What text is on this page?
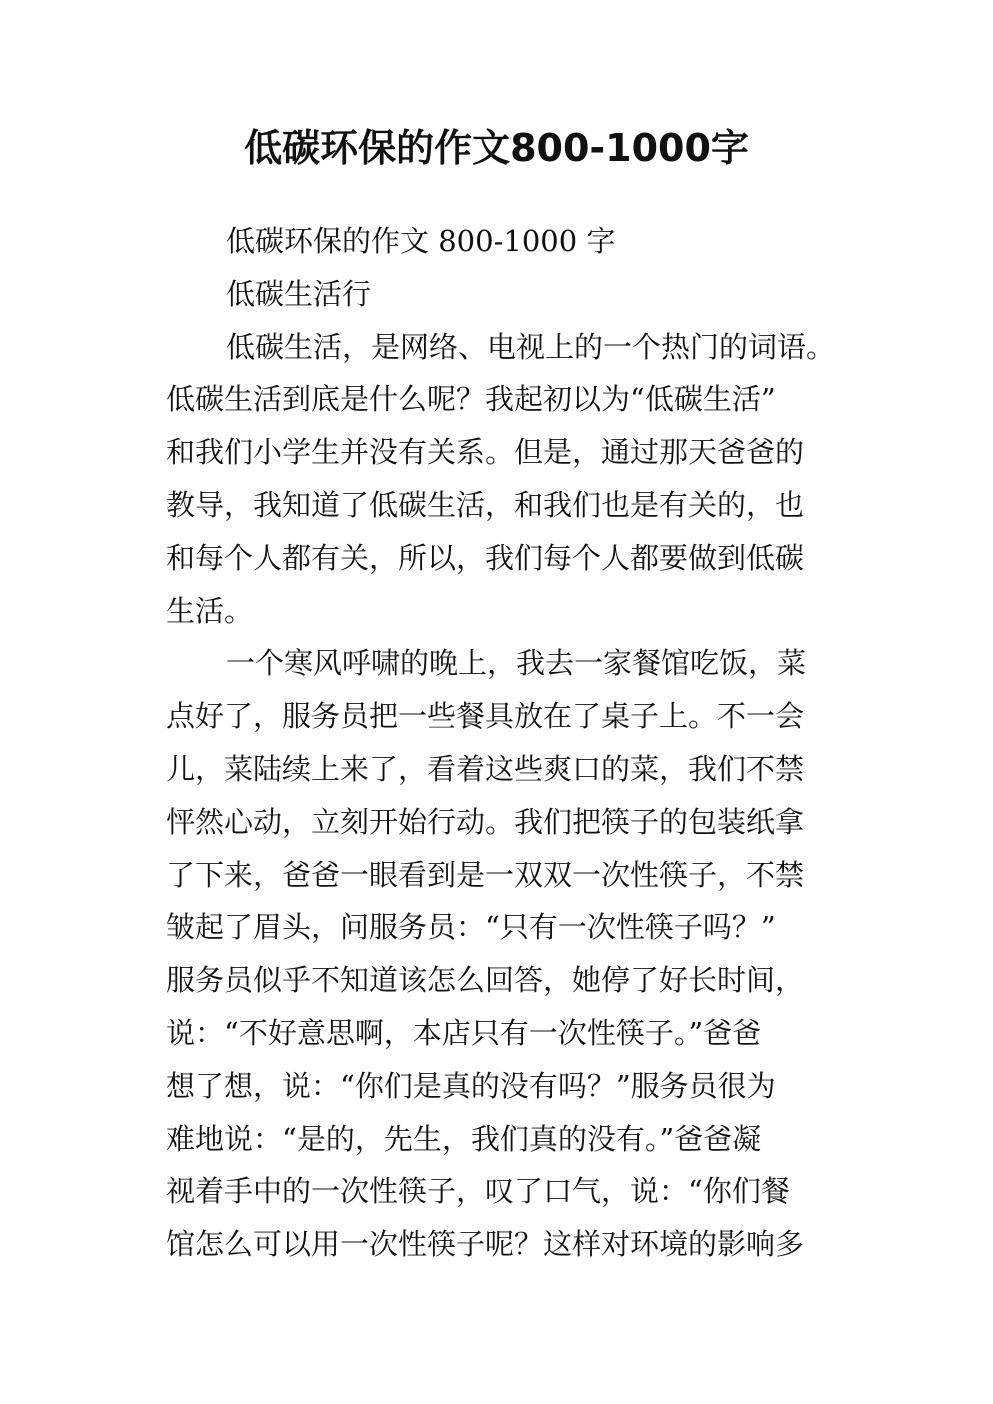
低碳环保的作文800-1000字
低碳环保的作文 800-1000 字
低碳生活行
低碳生活，是网络、电视上的一个热门的词语。
低碳生活到底是什么呢？我起初以为“低碳生活”
和我们小学生并没有关系。但是，通过那天爸爸的
教导，我知道了低碳生活，和我们也是有关的，也
和每个人都有关，所以，我们每个人都要做到低碳
生活。
一个寒风呼啸的晚上，我去一家餐馆吃饭，菜
点好了，服务员把一些餐具放在了桌子上。不一会
儿，菜陆续上来了，看着这些爽口的菜，我们不禁
怦然心动，立刻开始行动。我们把筷子的包装纸拿
了下来，爸爸一眼看到是一双双一次性筷子，不禁
皱起了眉头，问服务员：“只有一次性筷子吗？”
服务员似乎不知道该怎么回答，她停了好长时间，
说：“不好意思啊，本店只有一次性筷子。”爸爸
想了想，说：“你们是真的没有吗？”服务员很为
难地说：“是的，先生，我们真的没有。”爸爸凝
视着手中的一次性筷子，叹了口气，说：“你们餐
馆怎么可以用一次性筷子呢？这样对环境的影响多
